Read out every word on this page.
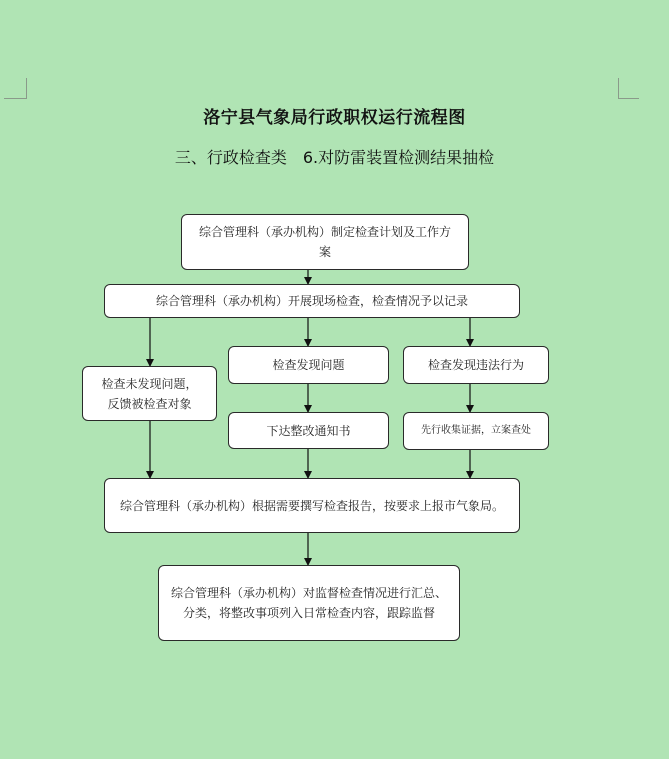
洛宁县气象局行政职权运行流程图
三、行政检查类　6.对防雷装置检测结果抽检
综合管理科（承办机构）制定检查计划及工作方案
综合管理科（承办机构）开展现场检查，检查情况予以记录
检查未发现问题，反馈被检查对象
检查发现问题	检查发现违法行为
下达整改通知书	先行收集证据，立案查处
综合管理科（承办机构）根据需要撰写检查报告，按要求上报市气象局。
综合管理科（承办机构）对监督检查情况进行汇总、分类，将整改事项列入日常检查内容，跟踪监督
